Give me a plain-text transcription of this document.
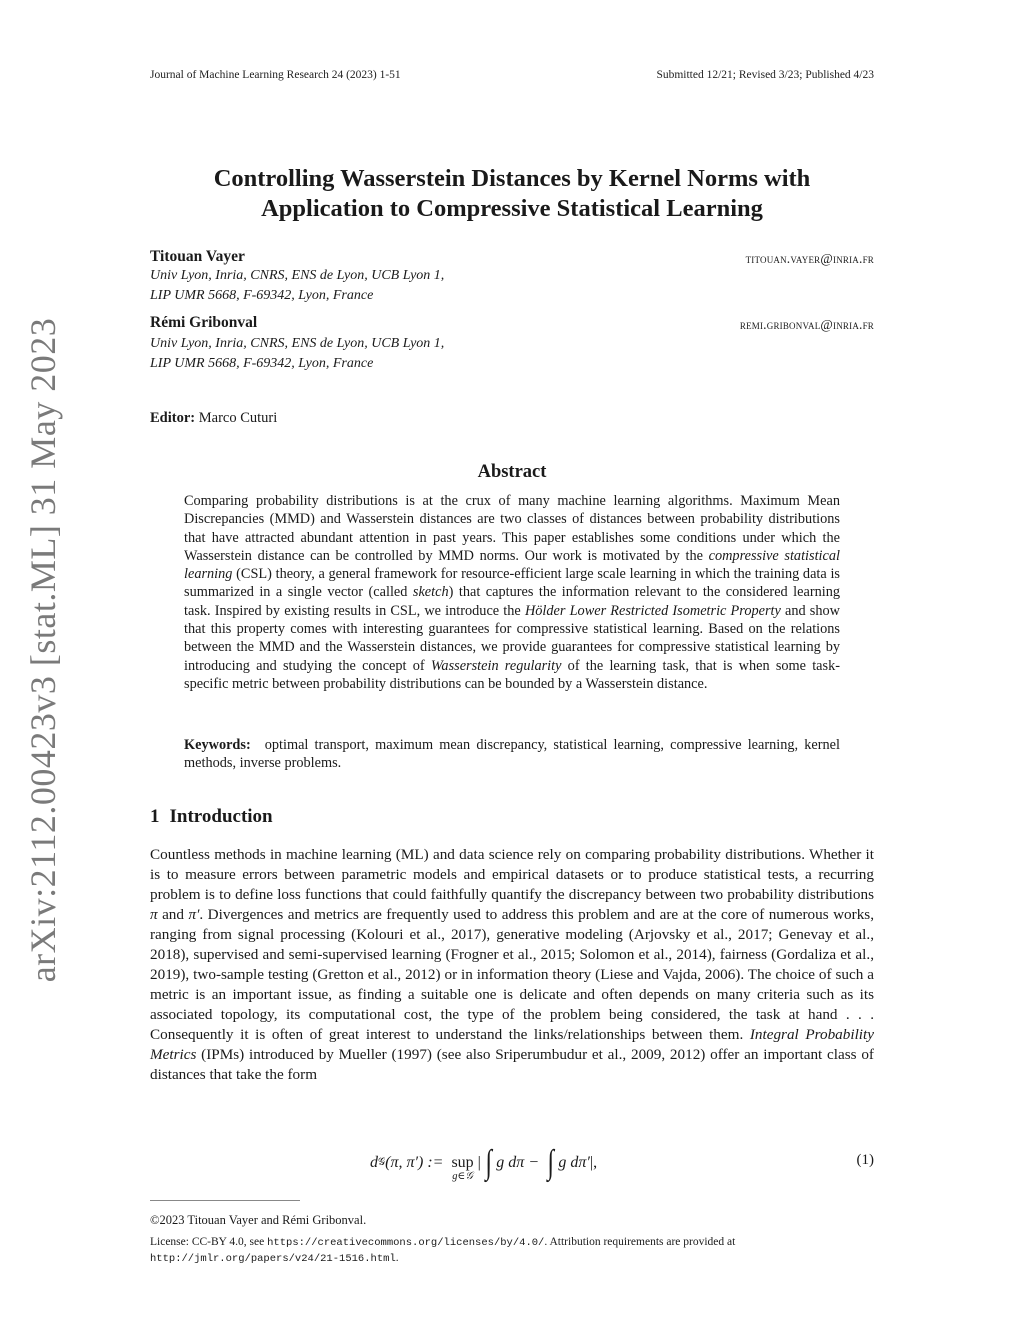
Journal of Machine Learning Research 24 (2023) 1-51	Submitted 12/21; Revised 3/23; Published 4/23
arXiv:2112.00423v3 [stat.ML] 31 May 2023
Controlling Wasserstein Distances by Kernel Norms with
Application to Compressive Statistical Learning
Titouan Vayer	titouan.vayer@inria.fr
Univ Lyon, Inria, CNRS, ENS de Lyon, UCB Lyon 1,
LIP UMR 5668, F-69342, Lyon, France
Rémi Gribonval	remi.gribonval@inria.fr
Univ Lyon, Inria, CNRS, ENS de Lyon, UCB Lyon 1,
LIP UMR 5668, F-69342, Lyon, France
Editor: Marco Cuturi
Abstract
Comparing probability distributions is at the crux of many machine learning algorithms. Maximum Mean Discrepancies (MMD) and Wasserstein distances are two classes of distances between probability distributions that have attracted abundant attention in past years. This paper establishes some conditions under which the Wasserstein distance can be controlled by MMD norms. Our work is motivated by the compressive statistical learning (CSL) theory, a general framework for resource-efficient large scale learning in which the training data is summarized in a single vector (called sketch) that captures the information relevant to the considered learning task. Inspired by existing results in CSL, we introduce the Hölder Lower Restricted Isometric Property and show that this property comes with interesting guarantees for compressive statistical learning. Based on the relations between the MMD and the Wasserstein distances, we provide guarantees for compressive statistical learning by introducing and studying the concept of Wasserstein regularity of the learning task, that is when some task-specific metric between probability distributions can be bounded by a Wasserstein distance.
Keywords: optimal transport, maximum mean discrepancy, statistical learning, compressive learning, kernel methods, inverse problems.
1 Introduction
Countless methods in machine learning (ML) and data science rely on comparing probability distributions. Whether it is to measure errors between parametric models and empirical datasets or to produce statistical tests, a recurring problem is to define loss functions that could faithfully quantify the discrepancy between two probability distributions π and π′. Divergences and metrics are frequently used to address this problem and are at the core of numerous works, ranging from signal processing (Kolouri et al., 2017), generative modeling (Arjovsky et al., 2017; Genevay et al., 2018), supervised and semi-supervised learning (Frogner et al., 2015; Solomon et al., 2014), fairness (Gordaliza et al., 2019), two-sample testing (Gretton et al., 2012) or in information theory (Liese and Vajda, 2006). The choice of such a metric is an important issue, as finding a suitable one is delicate and often depends on many criteria such as its associated topology, its computational cost, the type of the problem being considered, the task at hand . . . Consequently it is often of great interest to understand the links/relationships between them. Integral Probability Metrics (IPMs) introduced by Mueller (1997) (see also Sriperumbudur et al., 2009, 2012) offer an important class of distances that take the form
d 𝒢 (π, π′) := sup
g∈𝒢
| ∫ g dπ − ∫ g dπ′ |,	(1)
©2023 Titouan Vayer and Rémi Gribonval.
License: CC-BY 4.0, see https://creativecommons.org/licenses/by/4.0/. Attribution requirements are provided at
http://jmlr.org/papers/v24/21-1516.html.
